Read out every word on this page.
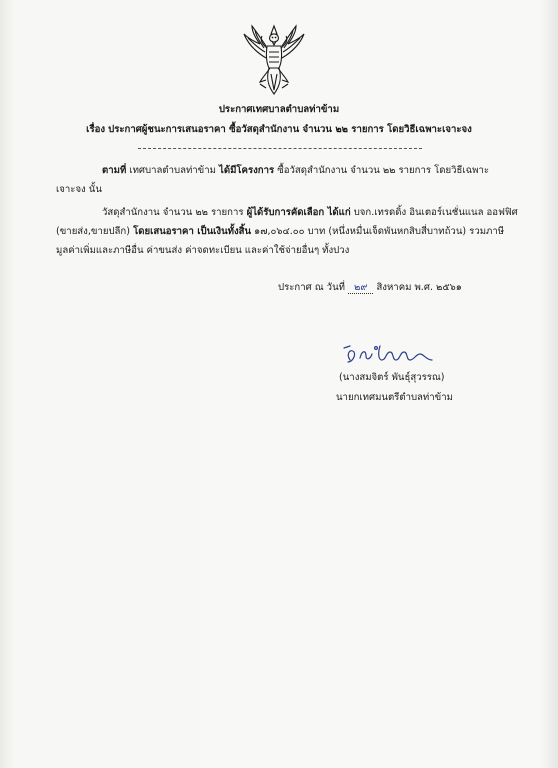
ประกาศเทศบาลตำบลท่าข้าม
เรื่อง ประกาศผู้ชนะการเสนอราคา ซื้อวัสดุสำนักงาน จำนวน ๒๒ รายการ โดยวิธีเฉพาะเจาะจง
ตามที่ เทศบาลตำบลท่าข้าม ได้มีโครงการ ซื้อวัสดุสำนักงาน จำนวน ๒๒ รายการ โดยวิธีเฉพาะ
เจาะจง นั้น
วัสดุสำนักงาน จำนวน ๒๒ รายการ ผู้ได้รับการคัดเลือก ได้แก่ บจก.เทรดดิ้ง อินเตอร์เนชั่นแนล ออฟฟิศ
(ขายส่ง,ขายปลีก) โดยเสนอราคา เป็นเงินทั้งสิ้น ๑๗,๐๖๔.๐๐ บาท (หนึ่งหมื่นเจ็ดพันหกสิบสี่บาทถ้วน) รวมภาษี
มูลค่าเพิ่มและภาษีอื่น ค่าขนส่ง ค่าจดทะเบียน และค่าใช้จ่ายอื่นๆ ทั้งปวง
ประกาศ ณ วันที่ ๒๙ สิงหาคม พ.ศ. ๒๕๖๑
(นางสมจิตร์ พันธุ์สุวรรณ)
นายกเทศมนตรีตำบลท่าข้าม
